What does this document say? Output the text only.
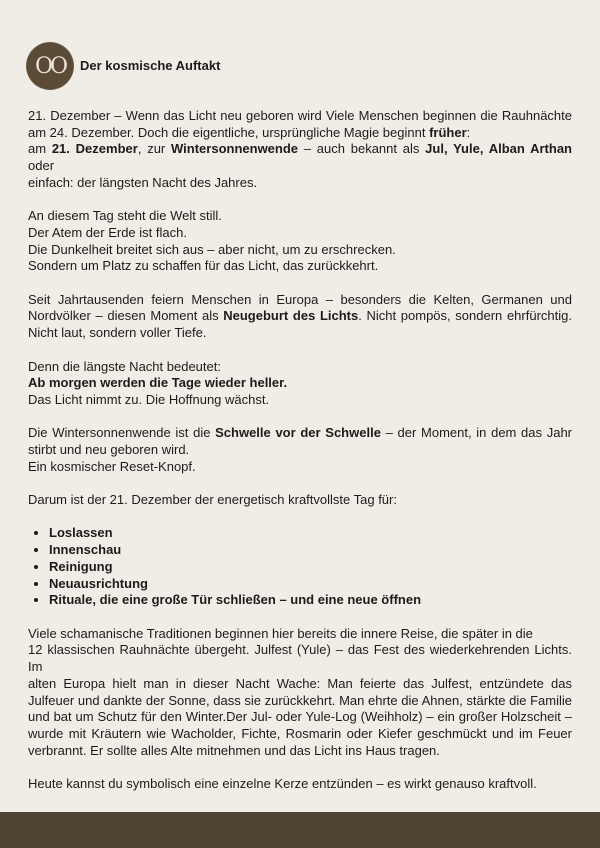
OO Der kosmische Auftakt
21. Dezember – Wenn das Licht neu geboren wird Viele Menschen beginnen die Rauhnächte
am 24. Dezember. Doch die eigentliche, ursprüngliche Magie beginnt früher:
am 21. Dezember, zur Wintersonnenwende – auch bekannt als Jul, Yule, Alban Arthan oder
einfach: der längsten Nacht des Jahres.
An diesem Tag steht die Welt still.
Der Atem der Erde ist flach.
Die Dunkelheit breitet sich aus – aber nicht, um zu erschrecken.
Sondern um Platz zu schaffen für das Licht, das zurückkehrt.
Seit Jahrtausenden feiern Menschen in Europa – besonders die Kelten, Germanen und
Nordvölker – diesen Moment als Neugeburt des Lichts. Nicht pompös, sondern ehrfürchtig.
Nicht laut, sondern voller Tiefe.
Denn die längste Nacht bedeutet:
Ab morgen werden die Tage wieder heller.
Das Licht nimmt zu. Die Hoffnung wächst.
Die Wintersonnenwende ist die Schwelle vor der Schwelle – der Moment, in dem das Jahr
stirbt und neu geboren wird.
Ein kosmischer Reset-Knopf.
Darum ist der 21. Dezember der energetisch kraftvollste Tag für:
• Loslassen
• Innenschau
• Reinigung
• Neuausrichtung
• Rituale, die eine große Tür schließen – und eine neue öffnen
Viele schamanische Traditionen beginnen hier bereits die innere Reise, die später in die
12 klassischen Rauhnächte übergeht. Julfest (Yule) – das Fest des wiederkehrenden Lichts. Im
alten Europa hielt man in dieser Nacht Wache: Man feierte das Julfest, entzündete das
Julfeuer und dankte der Sonne, dass sie zurückkehrt. Man ehrte die Ahnen, stärkte die Familie
und bat um Schutz für den Winter.Der Jul- oder Yule-Log (Weihholz) – ein großer Holzscheit –
wurde mit Kräutern wie Wacholder, Fichte, Rosmarin oder Kiefer geschmückt und im Feuer
verbrannt. Er sollte alles Alte mitnehmen und das Licht ins Haus tragen.
Heute kannst du symbolisch eine einzelne Kerze entzünden – es wirkt genauso kraftvoll.
